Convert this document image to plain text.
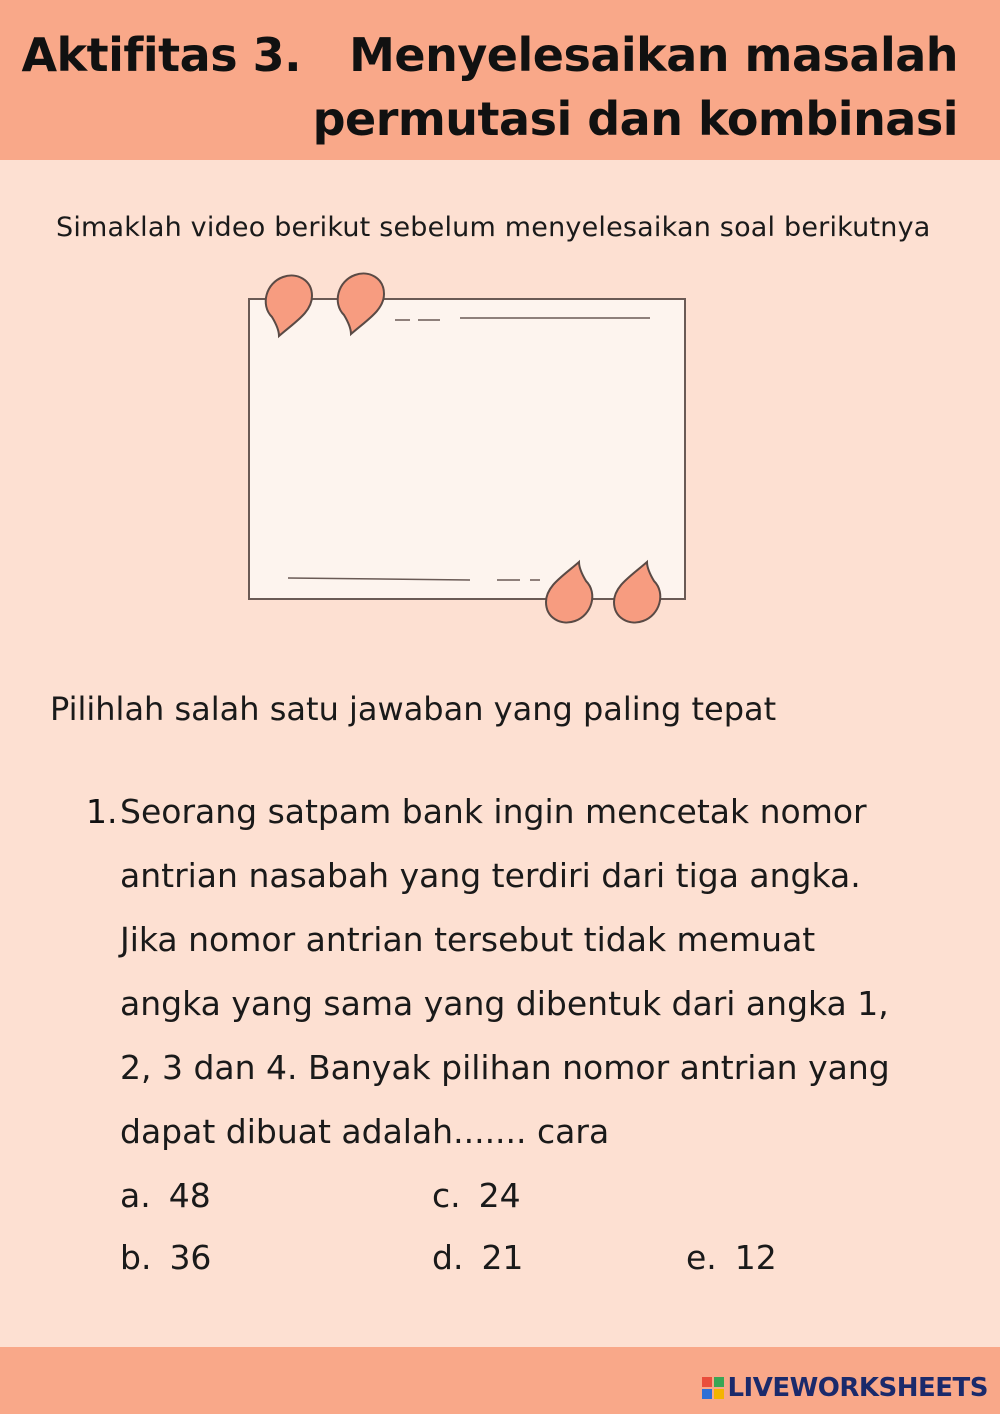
Aktifitas 3. Menyelesaikan masalah
permutasi dan kombinasi
Simaklah video berikut sebelum menyelesaikan soal berikutnya
Pilihlah salah satu jawaban yang paling tepat
1. Seorang satpam bank ingin mencetak nomor
antrian nasabah yang terdiri dari tiga angka.
Jika nomor antrian tersebut tidak memuat
angka yang sama yang dibentuk dari angka 1,
2, 3 dan 4. Banyak pilihan nomor antrian yang
dapat dibuat adalah....... cara
a. 48	c. 24
b. 36	d. 21	e. 12
LIVEWORKSHEETS
